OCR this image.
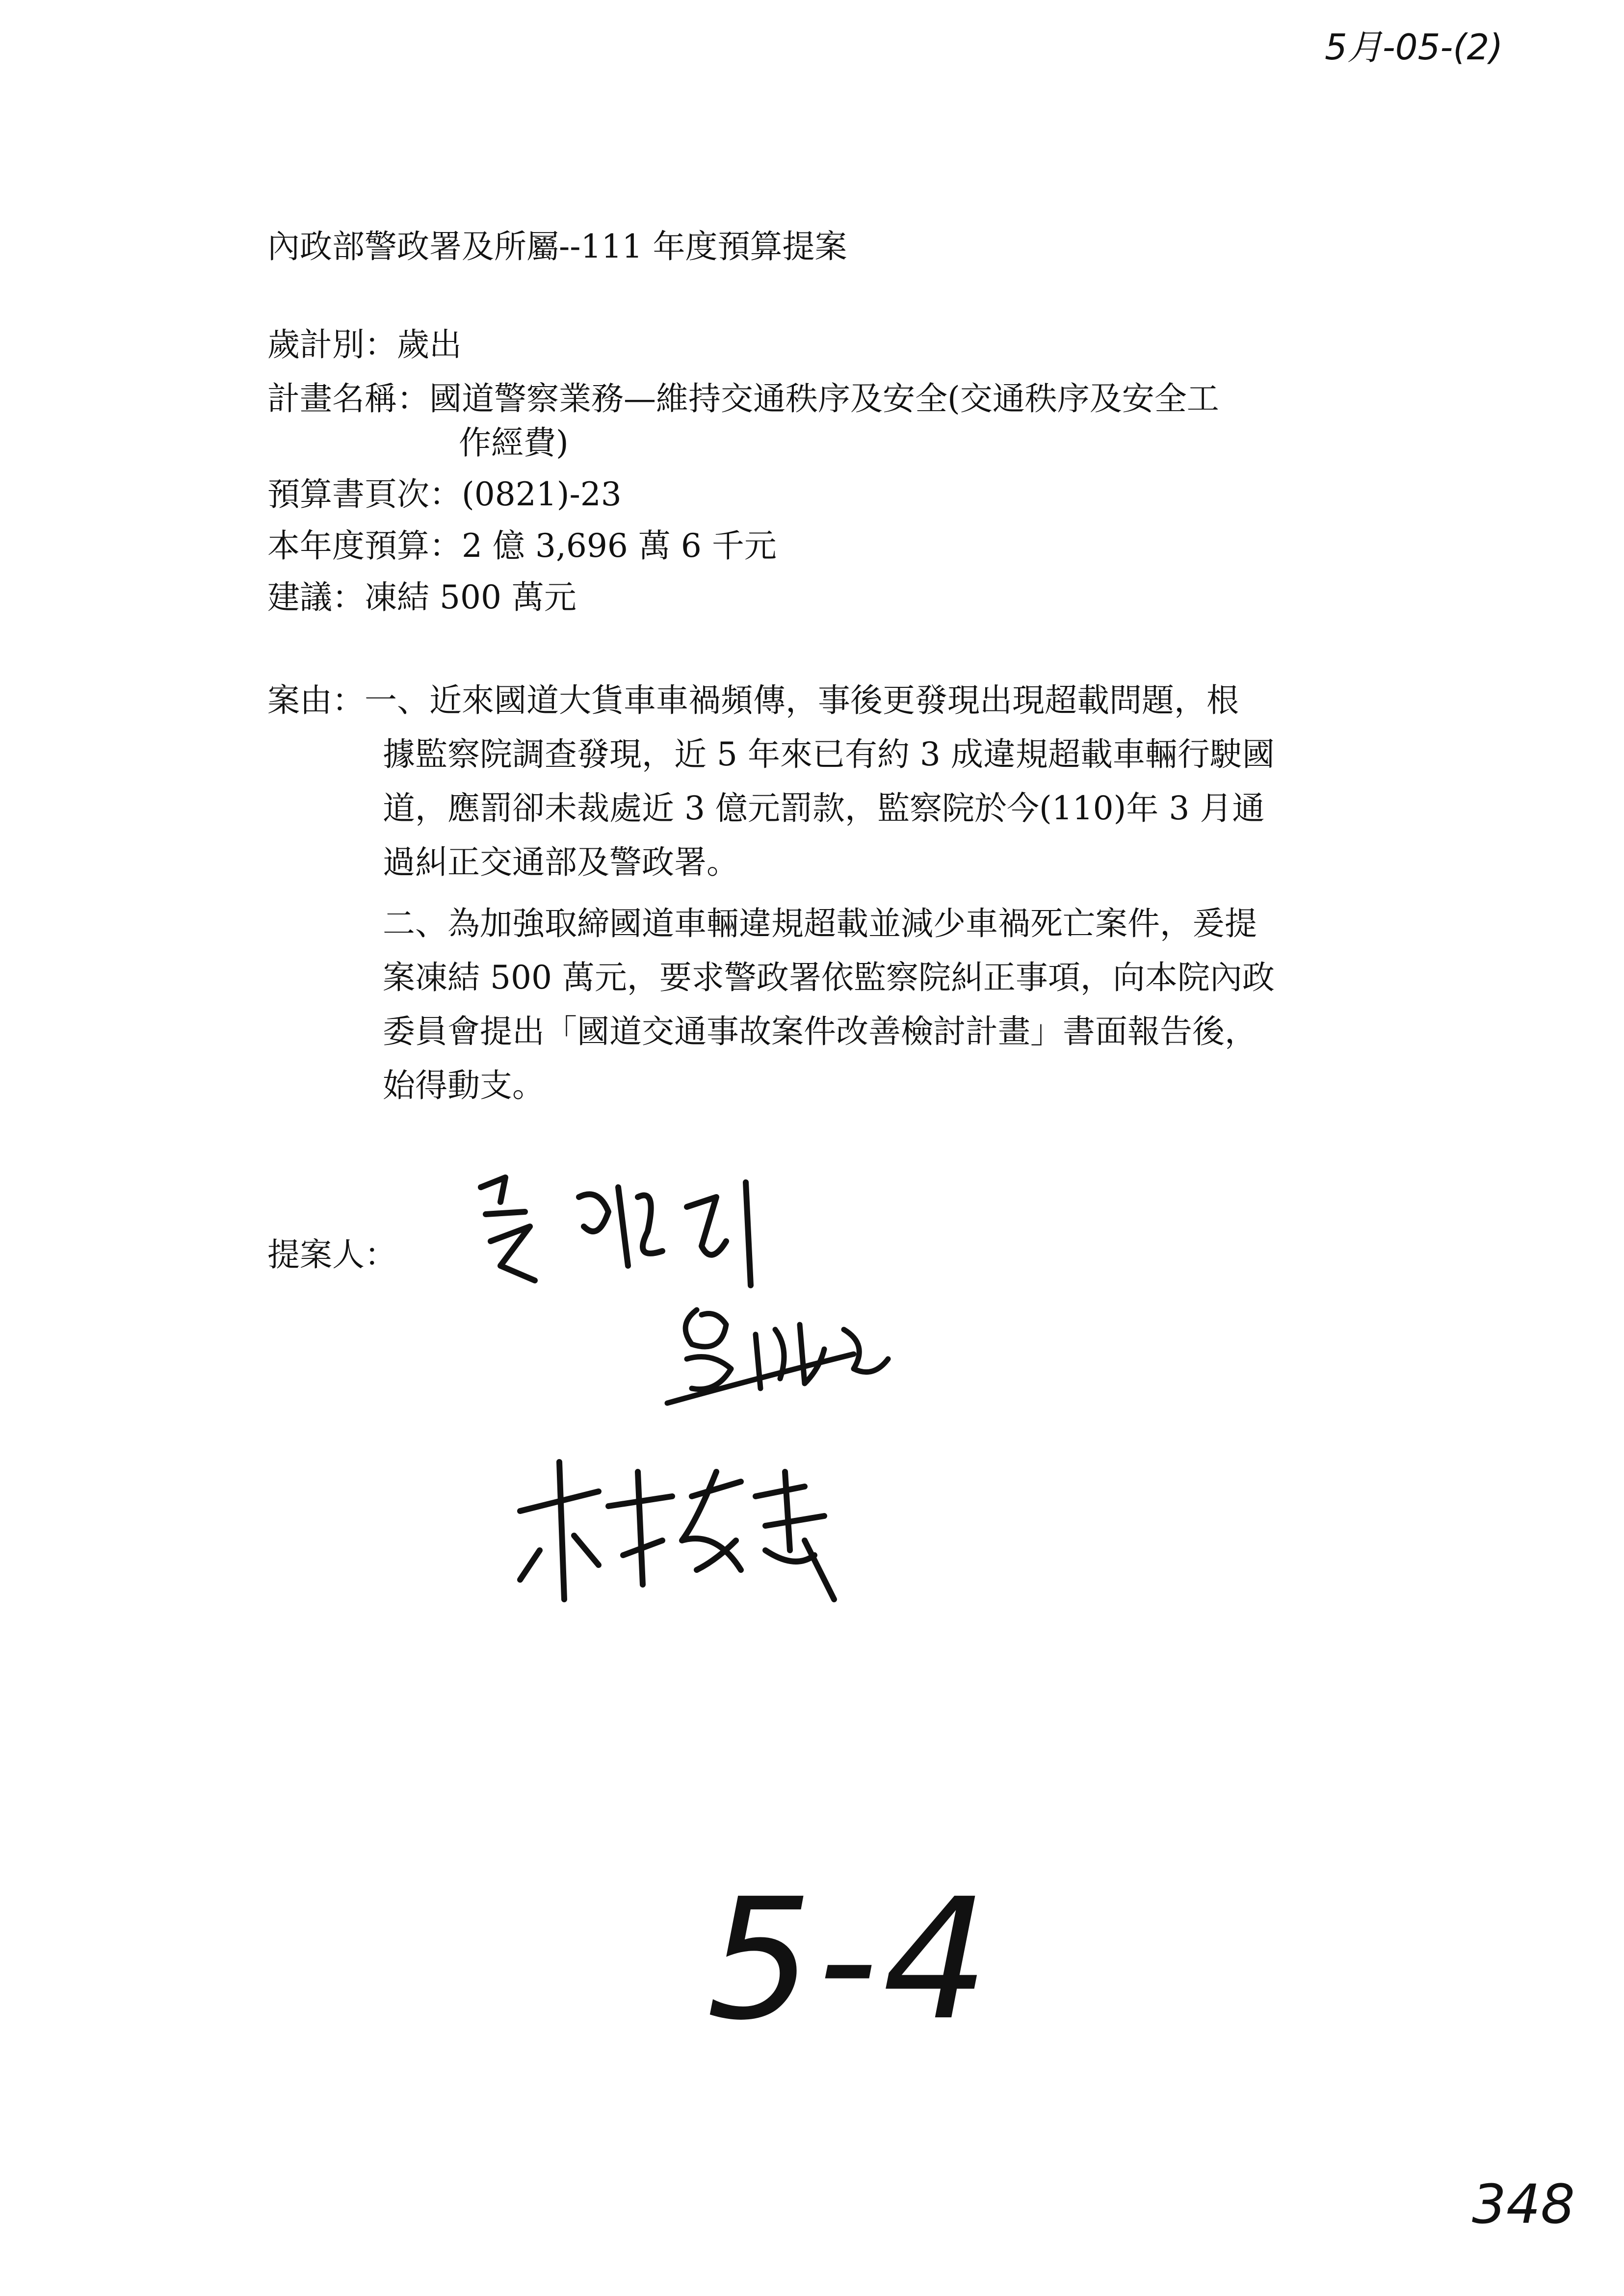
5月-05-(2)
內政部警政署及所屬--111 年度預算提案
歲計別：歲出
計畫名稱：國道警察業務—維持交通秩序及安全(交通秩序及安全工
作經費)
預算書頁次：(0821)-23
本年度預算：2 億 3,696 萬 6 千元
建議：凍結 500 萬元
案由：一、近來國道大貨車車禍頻傳，事後更發現出現超載問題，根
據監察院調查發現，近 5 年來已有約 3 成違規超載車輛行駛國
道，應罰卻未裁處近 3 億元罰款，監察院於今(110)年 3 月通
過糾正交通部及警政署。
二、為加強取締國道車輛違規超載並減少車禍死亡案件，爰提
案凍結 500 萬元，要求警政署依監察院糾正事項，向本院內政
委員會提出「國道交通事故案件改善檢討計畫」書面報告後，
始得動支。
提案人：
5-4
348
